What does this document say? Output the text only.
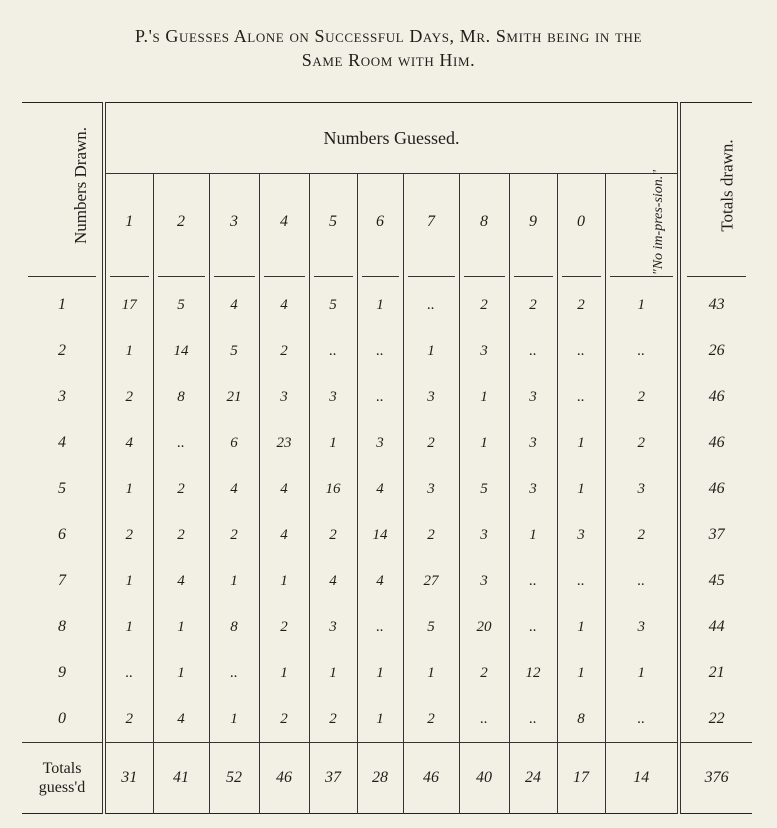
P.'s Guesses Alone on Successful Days, Mr. Smith being in the
Same Room with Him.
Numbers Drawn.	Numbers Guessed.											Totals drawn.
	1	2	3	4	5	6	7	8	9	0	"No im-pres-sion."	

1	17	5	4	4	5	1	..	2	2	2	1	43
2	1	14	5	2	..	..	1	3	..	..	..	26
3	2	8	21	3	3	..	3	1	3	..	2	46
4	4	..	6	23	1	3	2	1	3	1	2	46
5	1	2	4	4	16	4	3	5	3	1	3	46
6	2	2	2	4	2	14	2	3	1	3	2	37
7	1	4	1	1	4	4	27	3	..	..	..	45
8	1	1	8	2	3	..	5	20	..	1	3	44
9	..	1	..	1	1	1	1	2	12	1	1	21
0	2	4	1	2	2	1	2	..	..	8	..	22
Totals
guess'd	31	41	52	46	37	28	46	40	24	17	14	376
